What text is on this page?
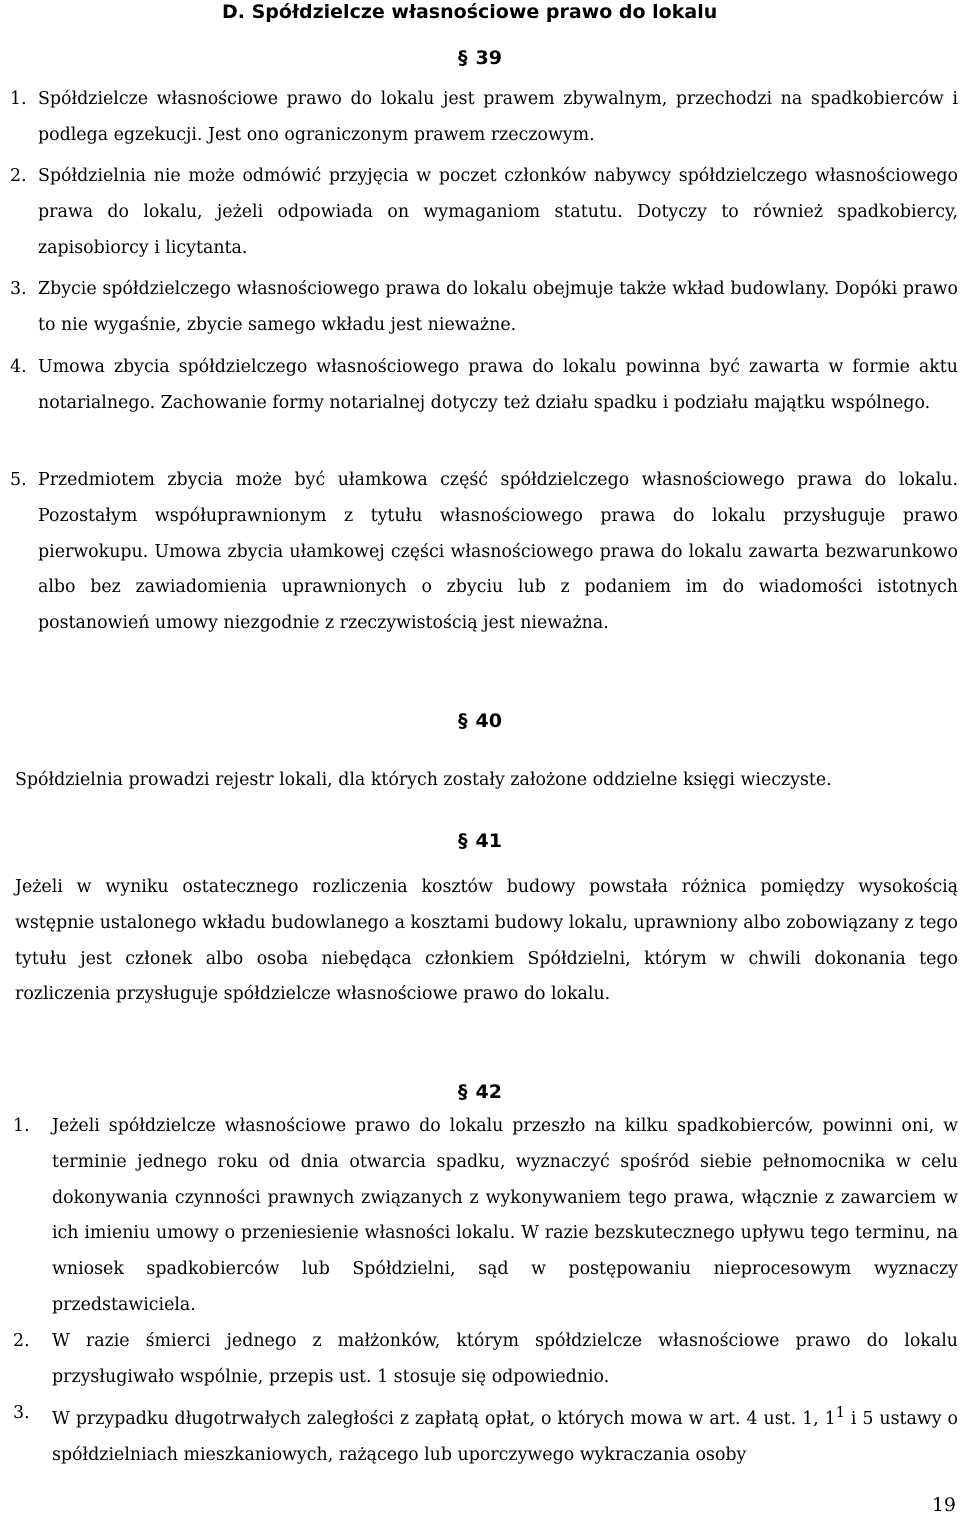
D. Spółdzielcze własnościowe prawo do lokalu
§ 39
1. Spółdzielcze własnościowe prawo do lokalu jest prawem zbywalnym, przechodzi na spadkobierców i podlega egzekucji. Jest ono ograniczonym prawem rzeczowym.
2. Spółdzielnia nie może odmówić przyjęcia w poczet członków nabywcy spółdzielczego własnościowego prawa do lokalu, jeżeli odpowiada on wymaganiom statutu. Dotyczy to również spadkobiercy, zapisobiorcy i licytanta.
3. Zbycie spółdzielczego własnościowego prawa do lokalu obejmuje także wkład budowlany. Dopóki prawo to nie wygaśnie, zbycie samego wkładu jest nieważne.
4. Umowa zbycia spółdzielczego własnościowego prawa do lokalu powinna być zawarta w formie aktu notarialnego. Zachowanie formy notarialnej dotyczy też działu spadku i podziału majątku wspólnego.
5. Przedmiotem zbycia może być ułamkowa część spółdzielczego własnościowego prawa do lokalu. Pozostałym współuprawnionym z tytułu własnościowego prawa do lokalu przysługuje prawo pierwokupu. Umowa zbycia ułamkowej części własnościowego prawa do lokalu zawarta bezwarunkowo albo bez zawiadomienia uprawnionych o zbyciu lub z podaniem im do wiadomości istotnych postanowień umowy niezgodnie z rzeczywistością jest nieważna.
§ 40
Spółdzielnia prowadzi rejestr lokali, dla których zostały założone oddzielne księgi wieczyste.
§ 41
Jeżeli w wyniku ostatecznego rozliczenia kosztów budowy powstała różnica pomiędzy wysokością wstępnie ustalonego wkładu budowlanego a kosztami budowy lokalu, uprawniony albo zobowiązany z tego tytułu jest członek albo osoba niebędąca członkiem Spółdzielni, którym w chwili dokonania tego rozliczenia przysługuje spółdzielcze własnościowe prawo do lokalu.
§ 42
1. Jeżeli spółdzielcze własnościowe prawo do lokalu przeszło na kilku spadkobierców, powinni oni, w terminie jednego roku od dnia otwarcia spadku, wyznaczyć spośród siebie pełnomocnika w celu dokonywania czynności prawnych związanych z wykonywaniem tego prawa, włącznie z zawarciem w ich imieniu umowy o przeniesienie własności lokalu. W razie bezskutecznego upływu tego terminu, na wniosek spadkobierców lub Spółdzielni, sąd w postępowaniu nieprocesowym wyznaczy przedstawiciela.
2. W razie śmierci jednego z małżonków, którym spółdzielcze własnościowe prawo do lokalu przysługiwało wspólnie, przepis ust. 1 stosuje się odpowiednio.
3. W przypadku długotrwałych zaległości z zapłatą opłat, o których mowa w art. 4 ust. 1, $1^1$ i 5 ustawy o spółdzielniach mieszkaniowych, rażącego lub uporczywego wykraczania osoby
19
